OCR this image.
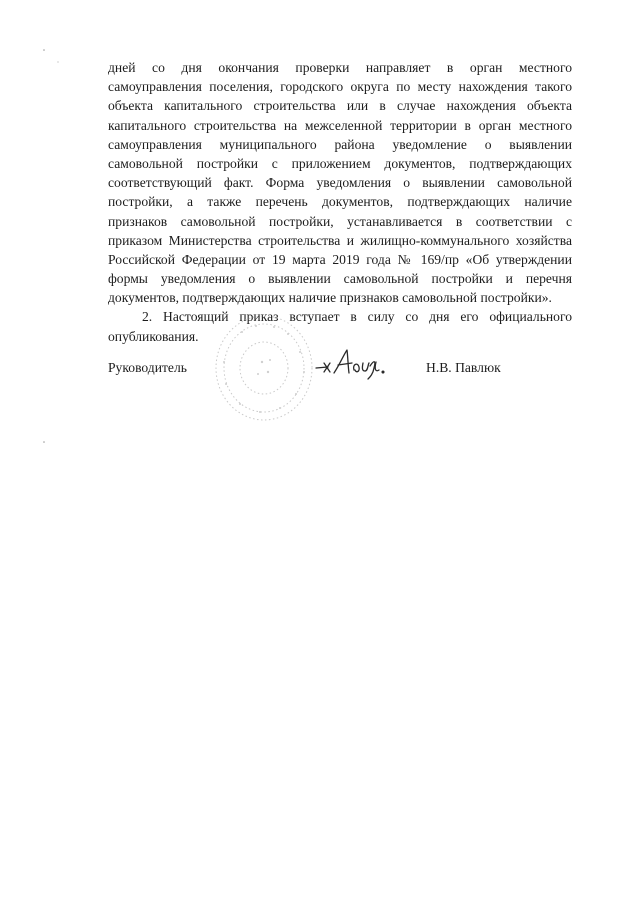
дней со дня окончания проверки направляет в орган местного
самоуправления поселения, городского округа по месту нахождения такого
объекта капитального строительства или в случае нахождения объекта
капитального строительства на межселенной территории в орган местного
самоуправления муниципального района уведомление о выявлении
самовольной постройки с приложением документов, подтверждающих
соответствующий факт. Форма уведомления о выявлении самовольной
постройки, а также перечень документов, подтверждающих наличие
признаков самовольной постройки, устанавливается в соответствии с
приказом Министерства строительства и жилищно-коммунального хозяйства
Российской Федерации от 19 марта 2019 года № 169/пр «Об утверждении
формы уведомления о выявлении самовольной постройки и перечня
документов, подтверждающих наличие признаков самовольной постройки».
2. Настоящий приказ вступает в силу со дня его официального
опубликования.
Руководитель	Н.В. Павлюк
